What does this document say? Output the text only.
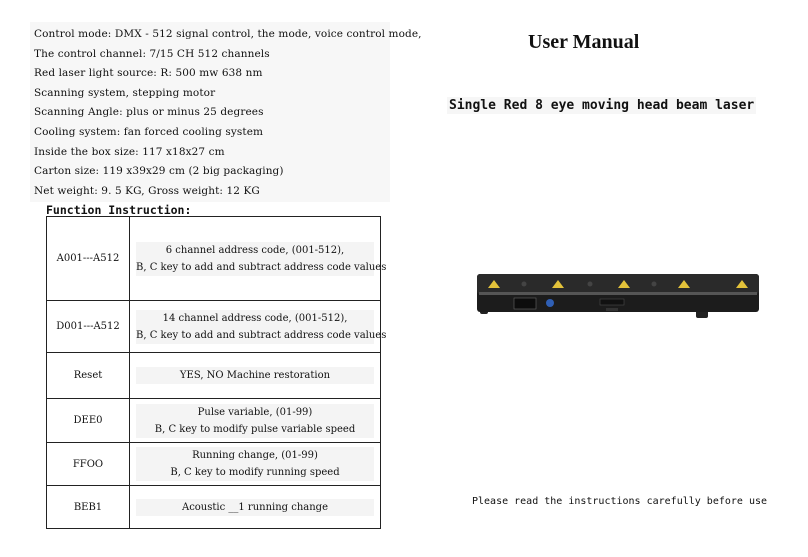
Control mode: DMX - 512 signal control, the mode, voice control mode,
The control channel: 7/15 CH 512 channels
Red laser light source: R: 500 mw 638 nm
Scanning system, stepping motor
Scanning Angle: plus or minus 25 degrees
Cooling system: fan forced cooling system
Inside the box size: 117 x18x27 cm
Carton size: 119 x39x29 cm (2 big packaging)
Net weight: 9. 5 KG, Gross weight: 12 KG
Function Instruction:
A001---A512	6 channel address code, (001-512),
B, C key to add and subtract address code values

D001---A512	14 channel address code, (001-512),
B, C key to add and subtract address code values

Reset	YES, NO Machine restoration

DEE0	Pulse variable, (01-99)
B, C key to modify pulse variable speed

FFOO	Running change, (01-99)
B, C key to modify running speed

BEB1	Acoustic __1 running change
User Manual
Single Red 8 eye moving head beam laser
Please read the instructions carefully before use
